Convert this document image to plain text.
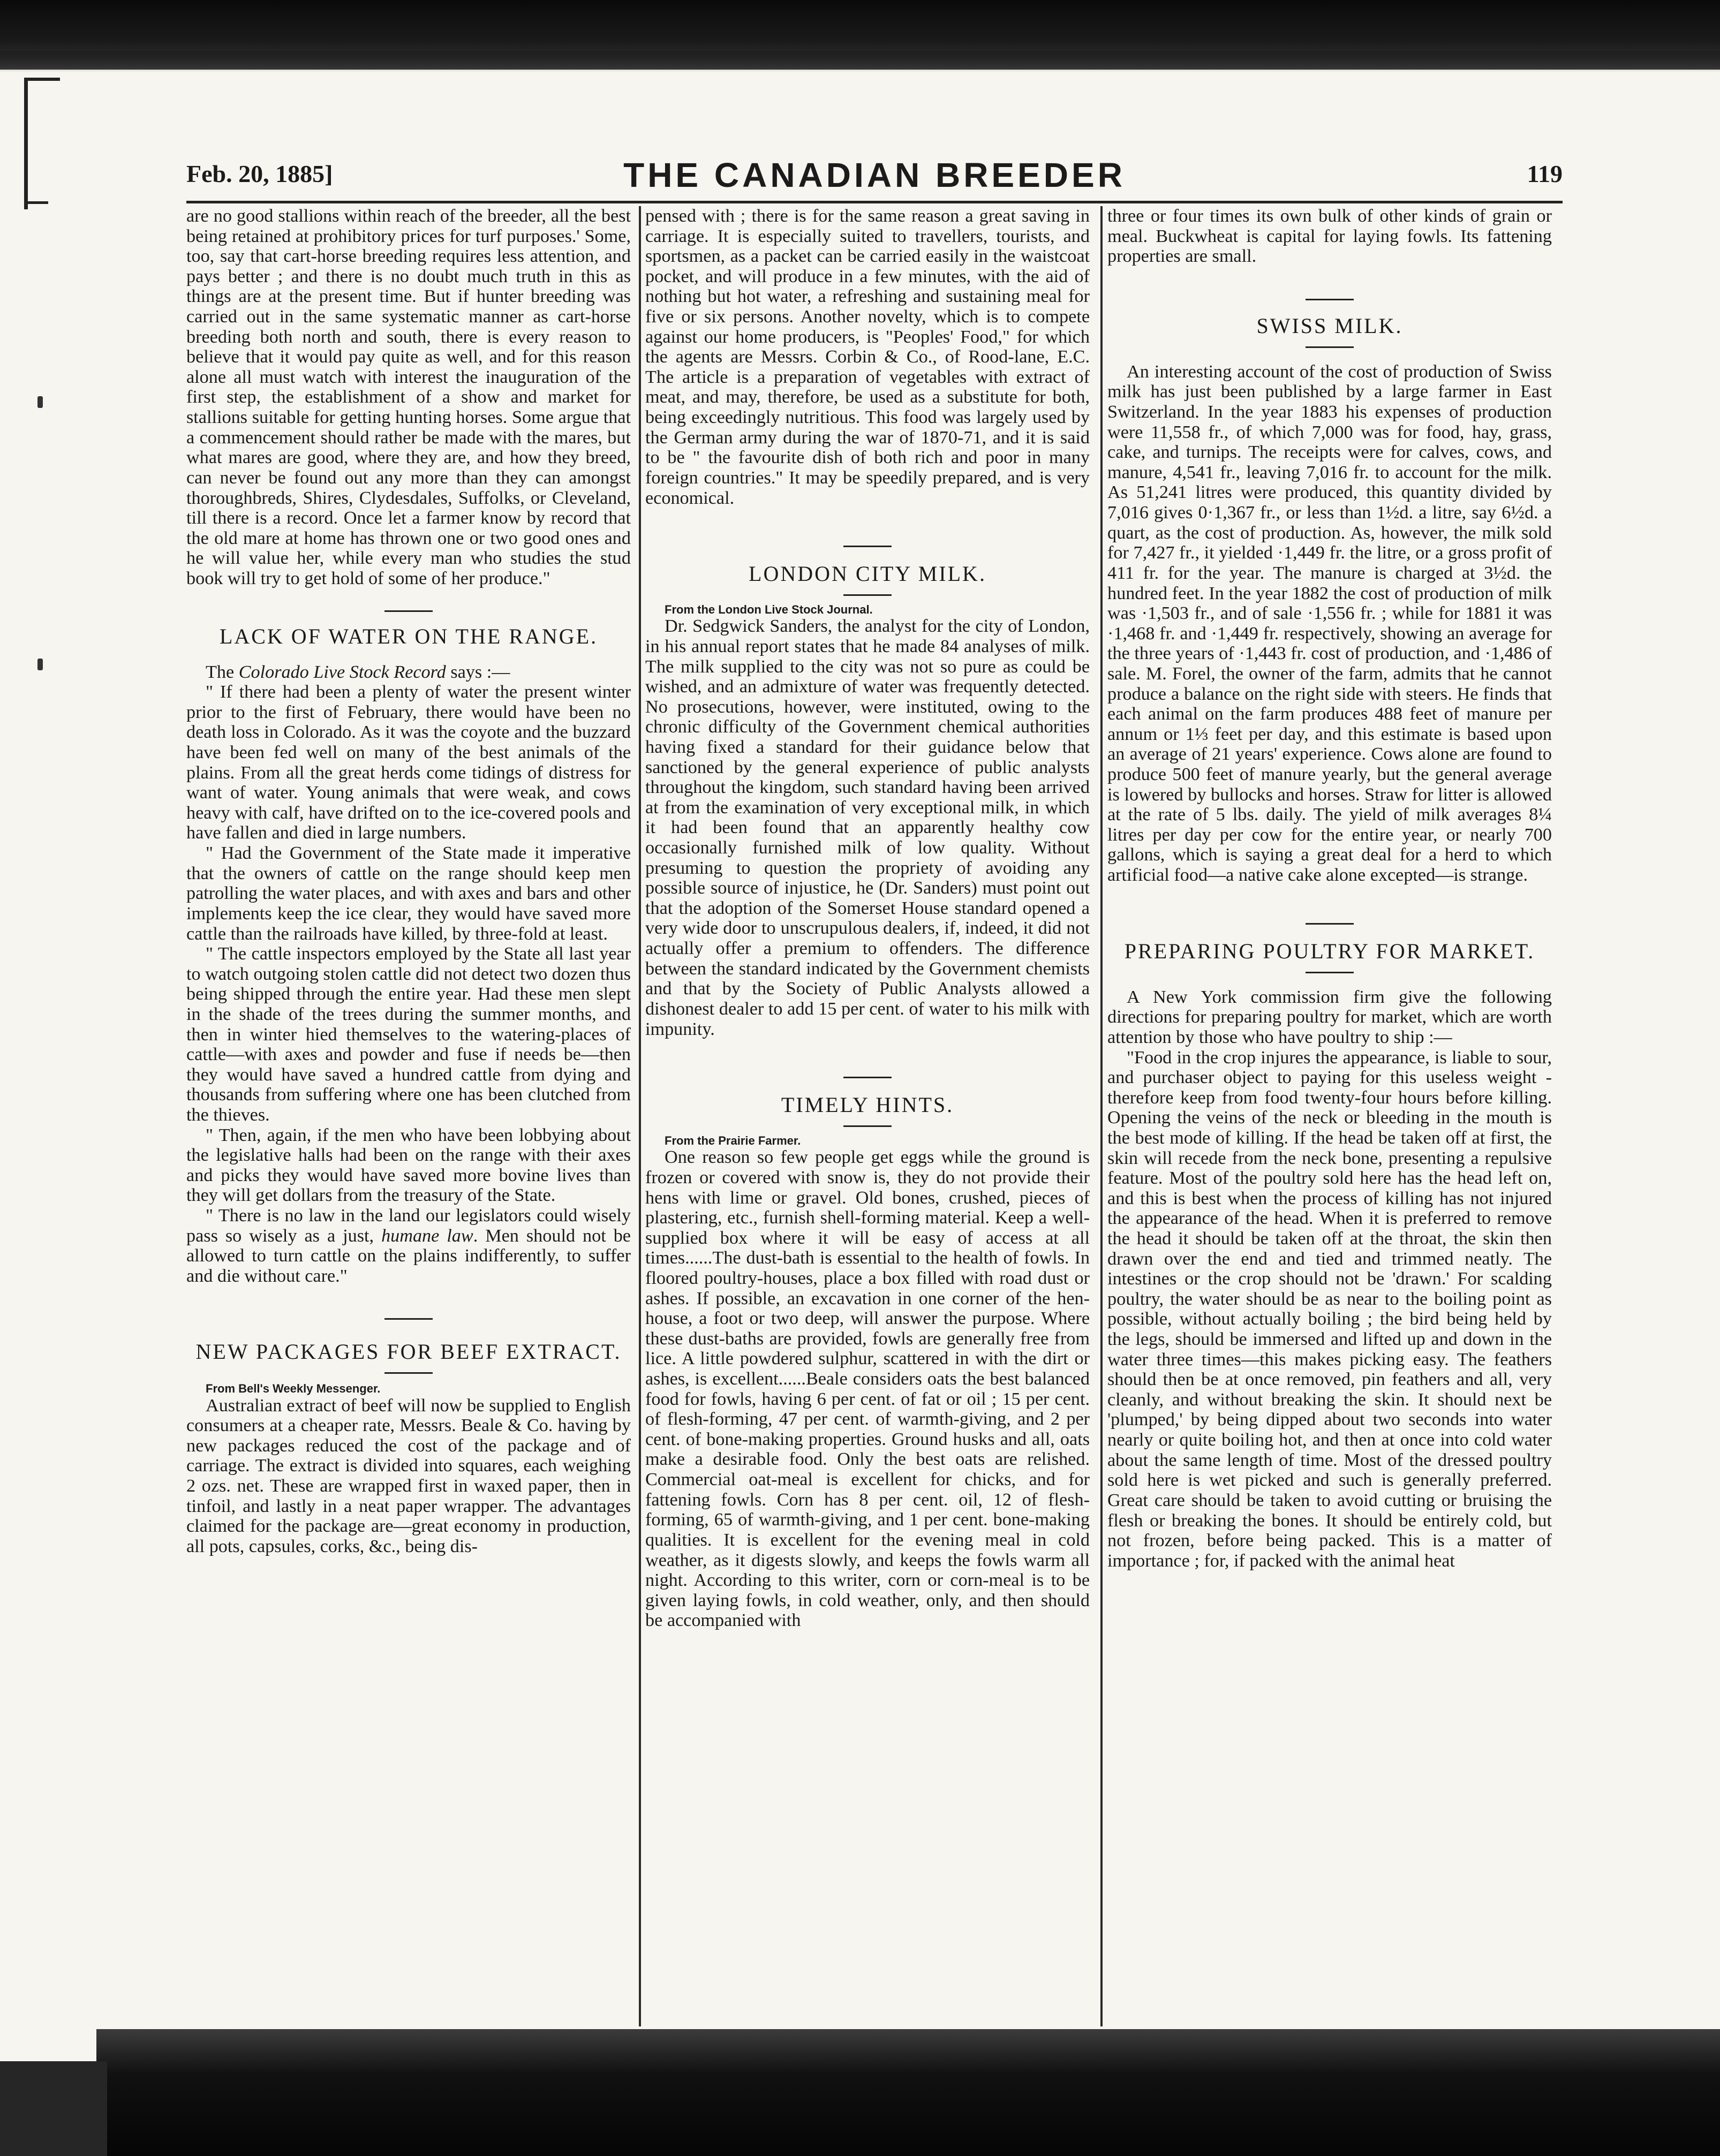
Feb. 20, 1885]	THE CANADIAN BREEDER	119

are no good stallions within reach of the breeder, all the best being retained at prohibitory prices for turf purposes.' Some, too, say that cart-horse breeding requires less attention, and pays better ; and there is no doubt much truth in this as things are at the present time. But if hunter breeding was carried out in the same systematic manner as cart-horse breeding both north and south, there is every reason to believe that it would pay quite as well, and for this reason alone all must watch with interest the inauguration of the first step, the establishment of a show and market for stallions suitable for getting hunting horses. Some argue that a commencement should rather be made with the mares, but what mares are good, where they are, and how they breed, can never be found out any more than they can amongst thoroughbreds, Shires, Clydesdales, Suffolks, or Cleveland, till there is a record. Once let a farmer know by record that the old mare at home has thrown one or two good ones and he will value her, while every man who studies the stud book will try to get hold of some of her produce."

LACK OF WATER ON THE RANGE.

The Colorado Live Stock Record says :—

" If there had been a plenty of water the present winter prior to the first of February, there would have been no death loss in Colorado. As it was the coyote and the buzzard have been fed well on many of the best animals of the plains. From all the great herds come tidings of distress for want of water. Young animals that were weak, and cows heavy with calf, have drifted on to the ice-covered pools and have fallen and died in large numbers.

" Had the Government of the State made it imperative that the owners of cattle on the range should keep men patrolling the water places, and with axes and bars and other implements keep the ice clear, they would have saved more cattle than the railroads have killed, by three-fold at least.

" The cattle inspectors employed by the State all last year to watch outgoing stolen cattle did not detect two dozen thus being shipped through the entire year. Had these men slept in the shade of the trees during the summer months, and then in winter hied themselves to the watering-places of cattle—with axes and powder and fuse if needs be—then they would have saved a hundred cattle from dying and thousands from suffering where one has been clutched from the thieves.

" Then, again, if the men who have been lobbying about the legislative halls had been on the range with their axes and picks they would have saved more bovine lives than they will get dollars from the treasury of the State.

" There is no law in the land our legislators could wisely pass so wisely as a just, humane law. Men should not be allowed to turn cattle on the plains indifferently, to suffer and die without care."

NEW PACKAGES FOR BEEF EXTRACT.

From Bell's Weekly Messenger.

Australian extract of beef will now be supplied to English consumers at a cheaper rate, Messrs. Beale & Co. having by new packages reduced the cost of the package and of carriage. The extract is divided into squares, each weighing 2 ozs. net. These are wrapped first in waxed paper, then in tinfoil, and lastly in a neat paper wrapper. The advantages claimed for the package are—great economy in production, all pots, capsules, corks, &c., being dis-

pensed with ; there is for the same reason a great saving in carriage. It is especially suited to travellers, tourists, and sportsmen, as a packet can be carried easily in the waistcoat pocket, and will produce in a few minutes, with the aid of nothing but hot water, a refreshing and sustaining meal for five or six persons. Another novelty, which is to compete against our home producers, is "Peoples' Food," for which the agents are Messrs. Corbin & Co., of Rood-lane, E.C. The article is a preparation of vegetables with extract of meat, and may, therefore, be used as a substitute for both, being exceedingly nutritious. This food was largely used by the German army during the war of 1870-71, and it is said to be " the favourite dish of both rich and poor in many foreign countries." It may be speedily prepared, and is very economical.

LONDON CITY MILK.

From the London Live Stock Journal.

Dr. Sedgwick Sanders, the analyst for the city of London, in his annual report states that he made 84 analyses of milk. The milk supplied to the city was not so pure as could be wished, and an admixture of water was frequently detected. No prosecutions, however, were instituted, owing to the chronic difficulty of the Government chemical authorities having fixed a standard for their guidance below that sanctioned by the general experience of public analysts throughout the kingdom, such standard having been arrived at from the examination of very exceptional milk, in which it had been found that an apparently healthy cow occasionally furnished milk of low quality. Without presuming to question the propriety of avoiding any possible source of injustice, he (Dr. Sanders) must point out that the adoption of the Somerset House standard opened a very wide door to unscrupulous dealers, if, indeed, it did not actually offer a premium to offenders. The difference between the standard indicated by the Government chemists and that by the Society of Public Analysts allowed a dishonest dealer to add 15 per cent. of water to his milk with impunity.

TIMELY HINTS.

From the Prairie Farmer.

One reason so few people get eggs while the ground is frozen or covered with snow is, they do not provide their hens with lime or gravel. Old bones, crushed, pieces of plastering, etc., furnish shell-forming material. Keep a well-supplied box where it will be easy of access at all times......The dust-bath is essential to the health of fowls. In floored poultry-houses, place a box filled with road dust or ashes. If possible, an excavation in one corner of the hen-house, a foot or two deep, will answer the purpose. Where these dust-baths are provided, fowls are generally free from lice. A little powdered sulphur, scattered in with the dirt or ashes, is excellent......Beale considers oats the best balanced food for fowls, having 6 per cent. of fat or oil ; 15 per cent. of flesh-forming, 47 per cent. of warmth-giving, and 2 per cent. of bone-making properties. Ground husks and all, oats make a desirable food. Only the best oats are relished. Commercial oat-meal is excellent for chicks, and for fattening fowls. Corn has 8 per cent. oil, 12 of flesh-forming, 65 of warmth-giving, and 1 per cent. bone-making qualities. It is excellent for the evening meal in cold weather, as it digests slowly, and keeps the fowls warm all night. According to this writer, corn or corn-meal is to be given laying fowls, in cold weather, only, and then should be accompanied with

three or four times its own bulk of other kinds of grain or meal. Buckwheat is capital for laying fowls. Its fattening properties are small.

SWISS MILK.

An interesting account of the cost of production of Swiss milk has just been published by a large farmer in East Switzerland. In the year 1883 his expenses of production were 11,558 fr., of which 7,000 was for food, hay, grass, cake, and turnips. The receipts were for calves, cows, and manure, 4,541 fr., leaving 7,016 fr. to account for the milk. As 51,241 litres were produced, this quantity divided by 7,016 gives 0·1,367 fr., or less than 1½d. a litre, say 6½d. a quart, as the cost of production. As, however, the milk sold for 7,427 fr., it yielded ·1,449 fr. the litre, or a gross profit of 411 fr. for the year. The manure is charged at 3½d. the hundred feet. In the year 1882 the cost of production of milk was ·1,503 fr., and of sale ·1,556 fr. ; while for 1881 it was ·1,468 fr. and ·1,449 fr. respectively, showing an average for the three years of ·1,443 fr. cost of production, and ·1,486 of sale. M. Forel, the owner of the farm, admits that he cannot produce a balance on the right side with steers. He finds that each animal on the farm produces 488 feet of manure per annum or 1⅓ feet per day, and this estimate is based upon an average of 21 years' experience. Cows alone are found to produce 500 feet of manure yearly, but the general average is lowered by bullocks and horses. Straw for litter is allowed at the rate of 5 lbs. daily. The yield of milk averages 8¼ litres per day per cow for the entire year, or nearly 700 gallons, which is saying a great deal for a herd to which artificial food—a native cake alone excepted—is strange.

PREPARING POULTRY FOR MARKET.

A New York commission firm give the following directions for preparing poultry for market, which are worth attention by those who have poultry to ship :—

"Food in the crop injures the appearance, is liable to sour, and purchaser object to paying for this useless weight - therefore keep from food twenty-four hours before killing. Opening the veins of the neck or bleeding in the mouth is the best mode of killing. If the head be taken off at first, the skin will recede from the neck bone, presenting a repulsive feature. Most of the poultry sold here has the head left on, and this is best when the process of killing has not injured the appearance of the head. When it is preferred to remove the head it should be taken off at the throat, the skin then drawn over the end and tied and trimmed neatly. The intestines or the crop should not be 'drawn.' For scalding poultry, the water should be as near to the boiling point as possible, without actually boiling ; the bird being held by the legs, should be immersed and lifted up and down in the water three times—this makes picking easy. The feathers should then be at once removed, pin feathers and all, very cleanly, and without breaking the skin. It should next be 'plumped,' by being dipped about two seconds into water nearly or quite boiling hot, and then at once into cold water about the same length of time. Most of the dressed poultry sold here is wet picked and such is generally preferred. Great care should be taken to avoid cutting or bruising the flesh or breaking the bones. It should be entirely cold, but not frozen, before being packed. This is a matter of importance ; for, if packed with the animal heat
